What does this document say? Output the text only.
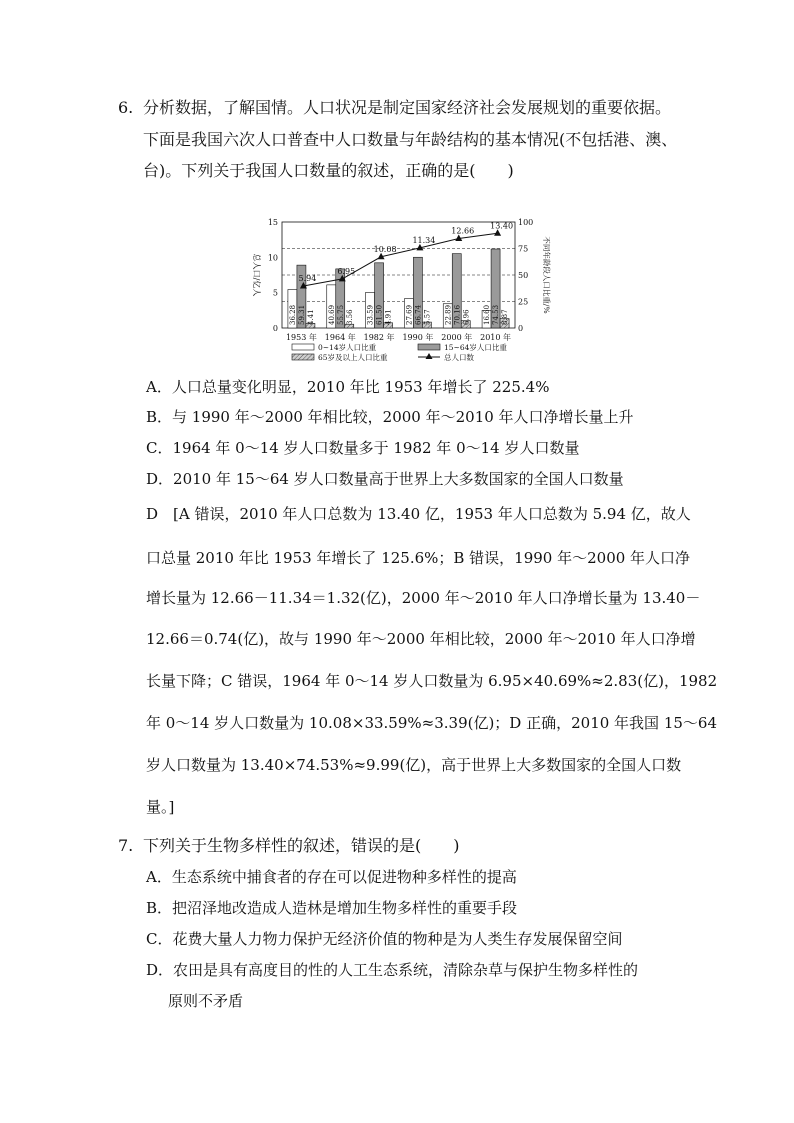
6. 分析数据，了解国情。人口状况是制定国家经济社会发展规划的重要依据。
下面是我国六次人口普查中人口数量与年龄结构的基本情况(不包括港、澳、
台)。下列关于我国人口数量的叙述，正确的是(　　)
15
10
5
0
100
75
50
25
0
总人口/亿人	不同年龄段人口比重/%
36.28 59.31 4.41
1953 年
40.69 55.75 3.56
1964 年
33.59 61.50 4.91
1982 年
27.69 66.74 5.57
1990 年
22.89 70.16 6.96
2000 年
16.60 74.53 8.87
2010 年
5.94
6.95
10.08
11.34
12.66
13.40
0~14岁人口比重	15~64岁人口比重
65岁及以上人口比重	总人口数
A．人口总量变化明显，2010 年比 1953 年增长了 225.4%
B．与 1990 年～2000 年相比较，2000 年～2010 年人口净增长量上升
C．1964 年 0～14 岁人口数量多于 1982 年 0～14 岁人口数量
D．2010 年 15～64 岁人口数量高于世界上大多数国家的全国人口数量
D　[A 错误，2010 年人口总数为 13.40 亿，1953 年人口总数为 5.94 亿，故人
口总量 2010 年比 1953 年增长了 125.6%；B 错误，1990 年～2000 年人口净
增长量为 12.66－11.34＝1.32(亿)，2000 年～2010 年人口净增长量为 13.40－
12.66＝0.74(亿)，故与 1990 年～2000 年相比较，2000 年～2010 年人口净增
长量下降；C 错误，1964 年 0～14 岁人口数量为 6.95×40.69%≈2.83(亿)，1982
年 0～14 岁人口数量为 10.08×33.59%≈3.39(亿)；D 正确，2010 年我国 15～64
岁人口数量为 13.40×74.53%≈9.99(亿)，高于世界上大多数国家的全国人口数
量。]
7. 下列关于生物多样性的叙述，错误的是(　　)
A．生态系统中捕食者的存在可以促进物种多样性的提高
B．把沼泽地改造成人造林是增加生物多样性的重要手段
C．花费大量人力物力保护无经济价值的物种是为人类生存发展保留空间
D．农田是具有高度目的性的人工生态系统，清除杂草与保护生物多样性的
原则不矛盾
